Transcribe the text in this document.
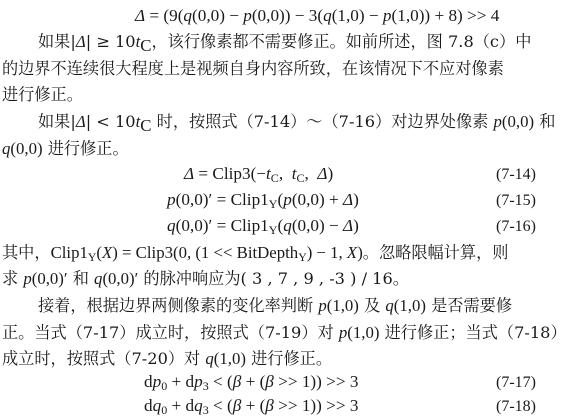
Δ = (9(q(0,0) − p(0,0)) − 3(q(1,0) − p(1,0)) + 8) >> 4
如果$|\Delta| \ge 10t_C$，该行像素都不需要修正。如前所述，图 7.8（c）中
的边界不连续很大程度上是视频自身内容所致，在该情况下不应对像素
进行修正。
如果$|\Delta| < 10t_C$ 时，按照式（7-14）～（7-16）对边界处像素 p(0,0) 和
q(0,0) 进行修正。
$\Delta = Clip3(-t_C$,  $t_C$,  Δ)	(7-14)
$p(0,0)' = Clip1_Y(p(0,0) + \Delta)$	(7-15)
$q(0,0)' = Clip1_Y(q(0,0) - \Delta)$	(7-16)
其中，$Clip1_Y(X)$ = Clip3(0, (1 << BitDepth$_Y$) − 1, X)。忽略限幅计算，则
求 p(0,0)′ 和 q(0,0)′ 的脉冲响应为( 3 , 7 , 9 , -3 ) / 16。
接着，根据边界两侧像素的变化率判断 p(1,0) 及 q(1,0) 是否需要修
正。当式（7-17）成立时，按照式（7-19）对 p(1,0) 进行修正；当式（7-18）
成立时，按照式（7-20）对 q(1,0) 进行修正。
$dp_0 + dp_3 < (\beta + (\beta >> 1)) >> 3$	(7-17)
$dq_0 + dq_3 < (\beta + (\beta >> 1)) >> 3$	(7-18)
